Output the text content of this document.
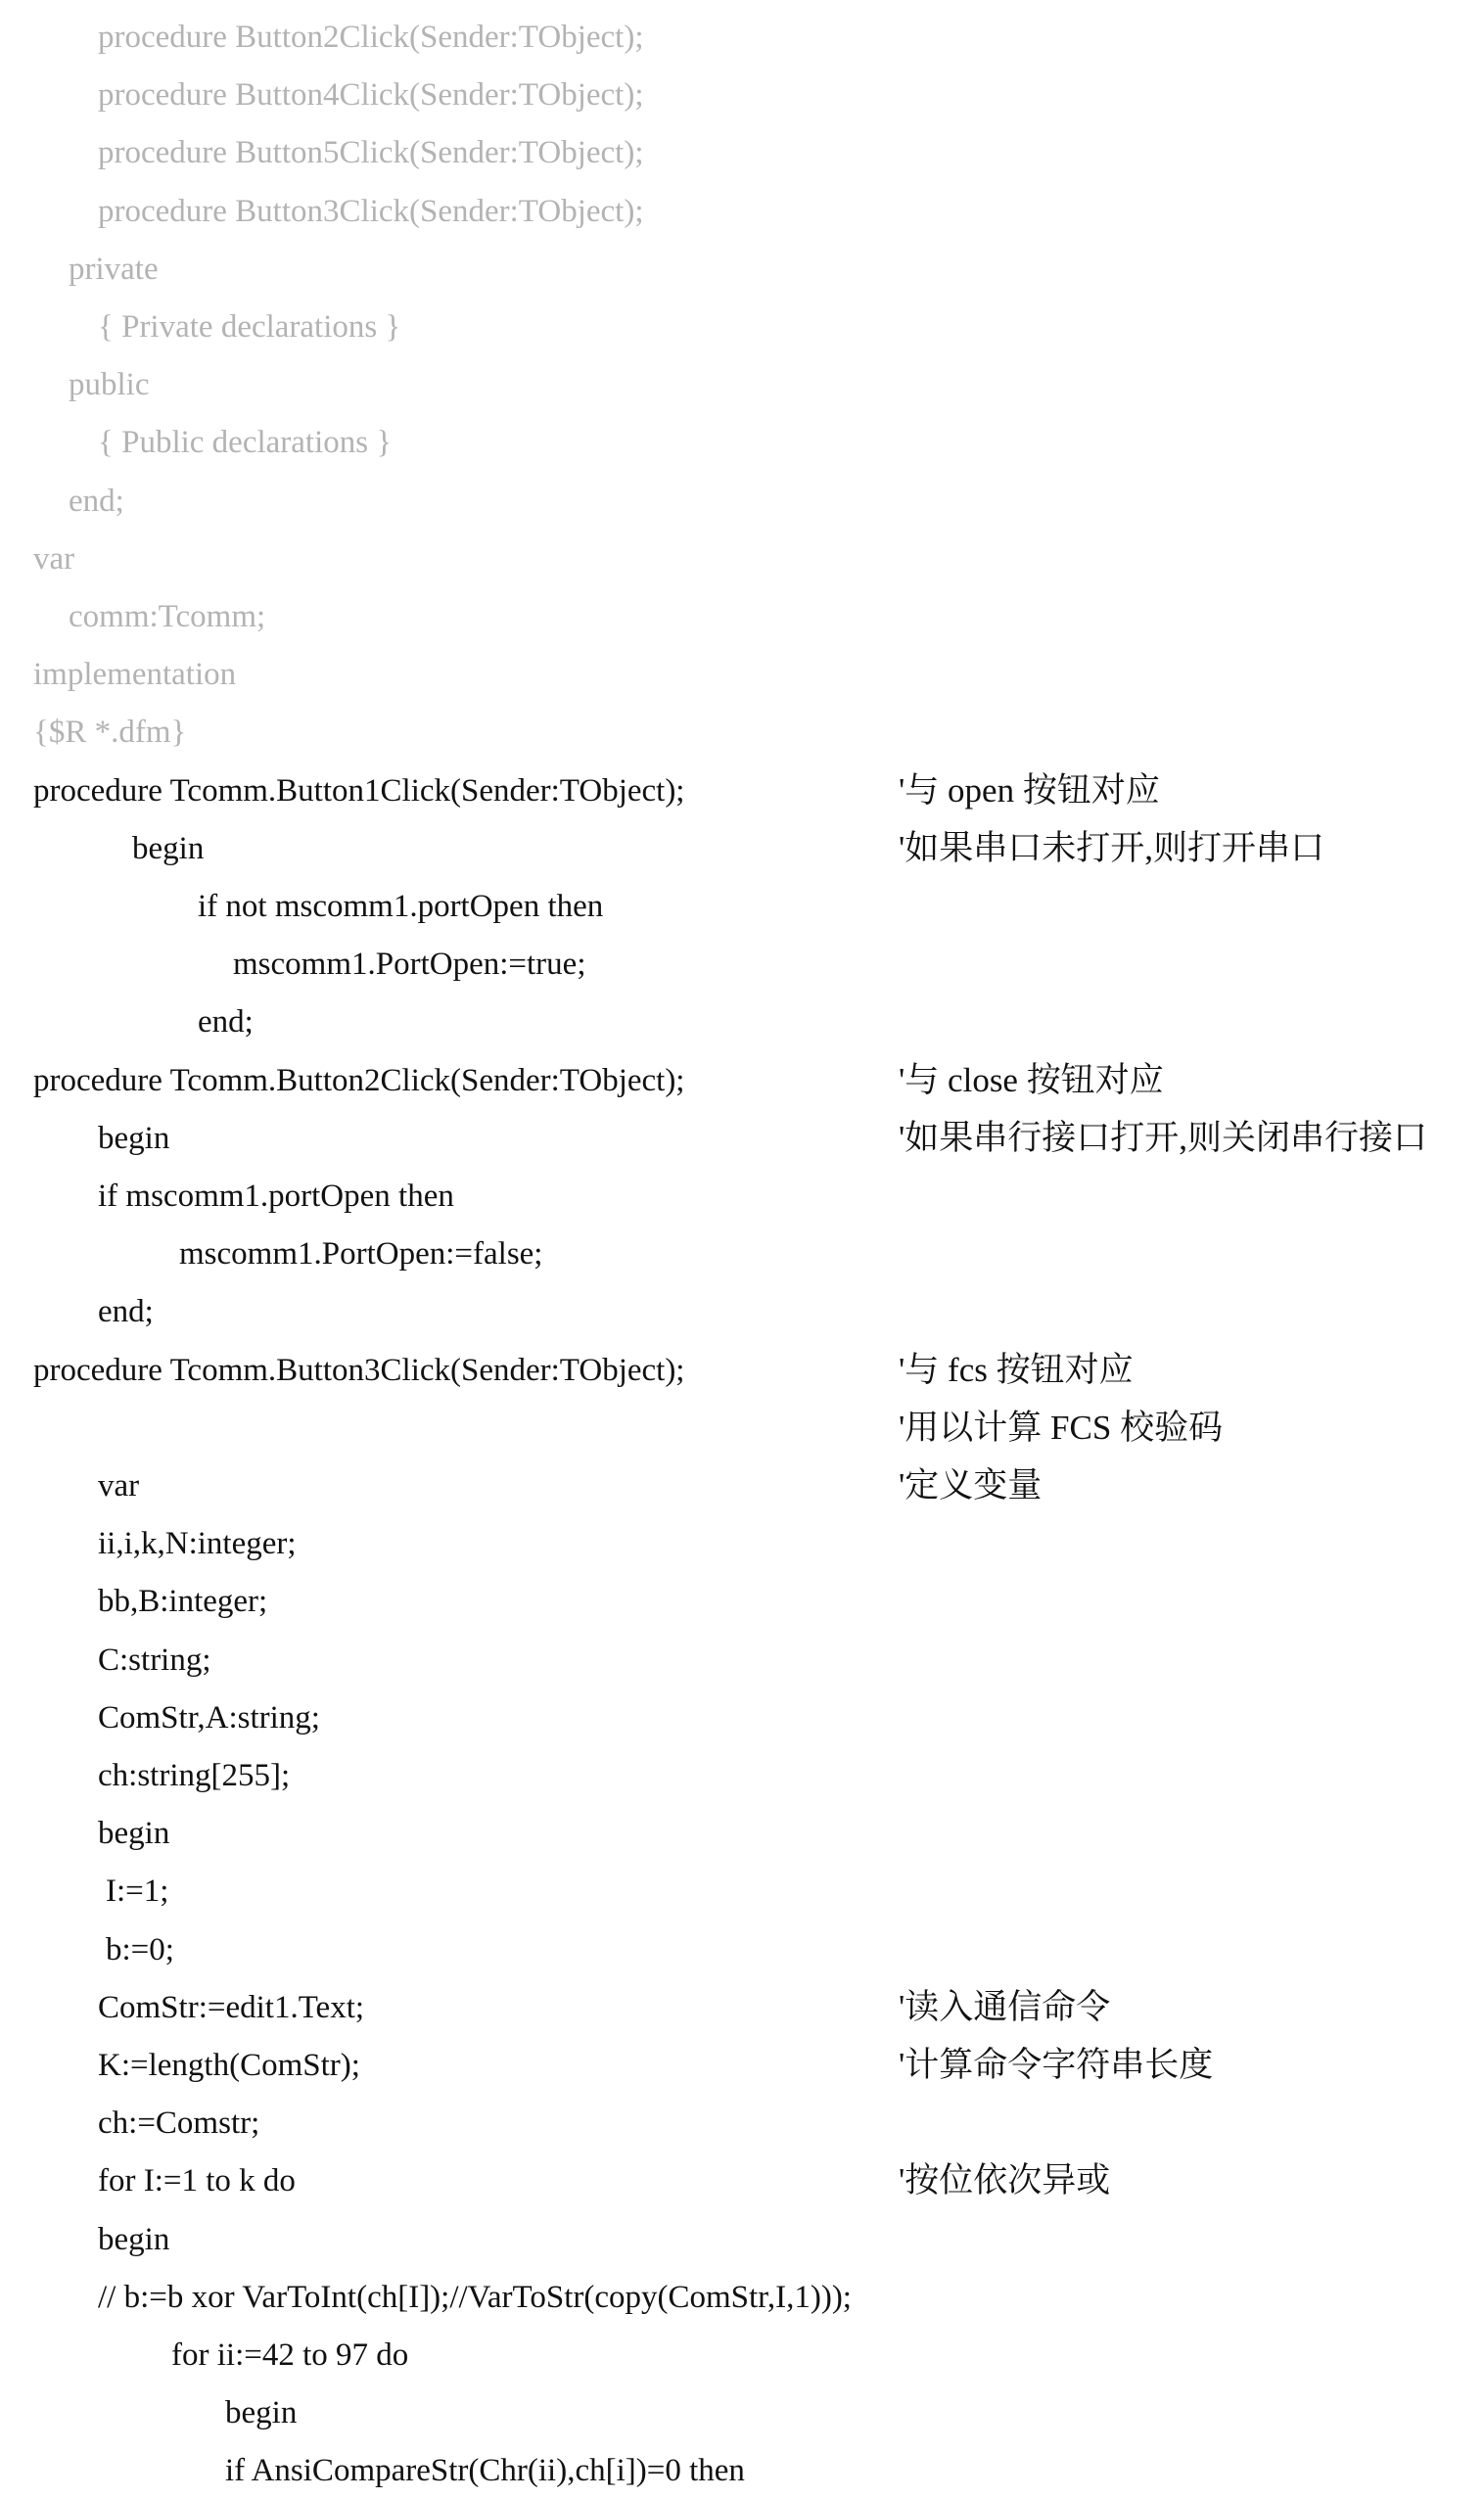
procedure Button2Click(Sender:TObject);
procedure Button4Click(Sender:TObject);
procedure Button5Click(Sender:TObject);
procedure Button3Click(Sender:TObject);
private
{ Private declarations }
public
{ Public declarations }
end;
var
comm:Tcomm;
implementation
{$R *.dfm}
procedure Tcomm.Button1Click(Sender:TObject);	'与 open 按钮对应
begin	'如果串口未打开,则打开串口
if not mscomm1.portOpen then
mscomm1.PortOpen:=true;
end;
procedure Tcomm.Button2Click(Sender:TObject);	'与 close 按钮对应
begin	'如果串行接口打开,则关闭串行接口
if mscomm1.portOpen then
mscomm1.PortOpen:=false;
end;
procedure Tcomm.Button3Click(Sender:TObject);	'与 fcs 按钮对应
'用以计算 FCS 校验码
var	'定义变量
ii,i,k,N:integer;
bb,B:integer;
C:string;
ComStr,A:string;
ch:string[255];
begin
I:=1;
b:=0;
ComStr:=edit1.Text;	'读入通信命令
K:=length(ComStr);	'计算命令字符串长度
ch:=Comstr;
for I:=1 to k do	'按位依次异或
begin
// b:=b xor VarToInt(ch[I]);//VarToStr(copy(ComStr,I,1)));
for ii:=42 to 97 do
begin
if AnsiCompareStr(Chr(ii),ch[i])=0 then
